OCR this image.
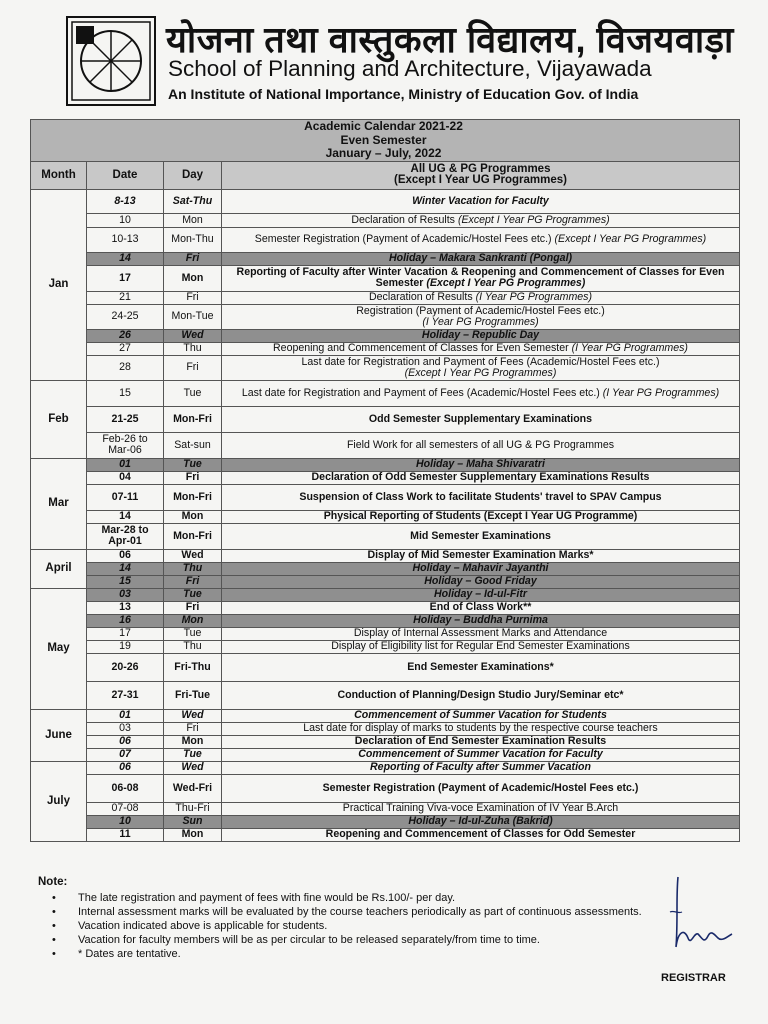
योजना तथा वास्तुकला विद्यालय, विजयवाड़ा
School of Planning and Architecture, Vijayawada
An Institute of National Importance, Ministry of Education Gov. of India
Academic Calendar 2021-22
Even Semester
January – July, 2022			

Month	Date	Day	All UG & PG Programmes
(Except I Year UG Programmes)

Jan	8-13	Sat-Thu	Winter Vacation for Faculty
	10	Mon	Declaration of Results (Except I Year PG Programmes)
	10-13	Mon-Thu	Semester Registration (Payment of Academic/Hostel Fees etc.) (Except I Year PG Programmes)
	14	Fri	Holiday – Makara Sankranti (Pongal)
	17	Mon	Reporting of Faculty after Winter Vacation & Reopening and Commencement of Classes for Even Semester (Except I Year PG Programmes)
	21	Fri	Declaration of Results (I Year PG Programmes)
	24-25	Mon-Tue	Registration (Payment of Academic/Hostel Fees etc.)
(I Year PG Programmes)
	26	Wed	Holiday – Republic Day
	27	Thu	Reopening and Commencement of Classes for Even Semester (I Year PG Programmes)
	28	Fri	Last date for Registration and Payment of Fees (Academic/Hostel Fees etc.)
(Except I Year PG Programmes)
Feb	15	Tue	Last date for Registration and Payment of Fees (Academic/Hostel Fees etc.) (I Year PG Programmes)
	21-25	Mon-Fri	Odd Semester Supplementary Examinations
	Feb-26 to Mar-06	Sat-sun	Field Work for all semesters of all UG & PG Programmes
Mar	01	Tue	Holiday – Maha Shivaratri
	04	Fri	Declaration of Odd Semester Supplementary Examinations Results
	07-11	Mon-Fri	Suspension of Class Work to facilitate Students' travel to SPAV Campus
	14	Mon	Physical Reporting of Students (Except I Year UG Programme)
	Mar-28 to Apr-01	Mon-Fri	Mid Semester Examinations
April	06	Wed	Display of Mid Semester Examination Marks*
	14	Thu	Holiday – Mahavir Jayanthi
	15	Fri	Holiday – Good Friday
May	03	Tue	Holiday – Id-ul-Fitr
	13	Fri	End of Class Work**
	16	Mon	Holiday – Buddha Purnima
	17	Tue	Display of Internal Assessment Marks and Attendance
	19	Thu	Display of Eligibility list for Regular End Semester Examinations
	20-26	Fri-Thu	End Semester Examinations*
	27-31	Fri-Tue	Conduction of Planning/Design Studio Jury/Seminar etc*
June	01	Wed	Commencement of Summer Vacation for Students
	03	Fri	Last date for display of marks to students by the respective course teachers
	06	Mon	Declaration of End Semester Examination Results
	07	Tue	Commencement of Summer Vacation for Faculty
July	06	Wed	Reporting of Faculty after Summer Vacation
	06-08	Wed-Fri	Semester Registration (Payment of Academic/Hostel Fees etc.)
	07-08	Thu-Fri	Practical Training Viva-voce Examination of IV Year B.Arch
	10	Sun	Holiday – Id-ul-Zuha (Bakrid)
	11	Mon	Reopening and Commencement of Classes for Odd Semester
Note:
• The late registration and payment of fees with fine would be Rs.100/- per day.
• Internal assessment marks will be evaluated by the course teachers periodically as part of continuous assessments.
• Vacation indicated above is applicable for students.
• Vacation for faculty members will be as per circular to be released separately/from time to time.
• * Dates are tentative.
REGISTRAR
